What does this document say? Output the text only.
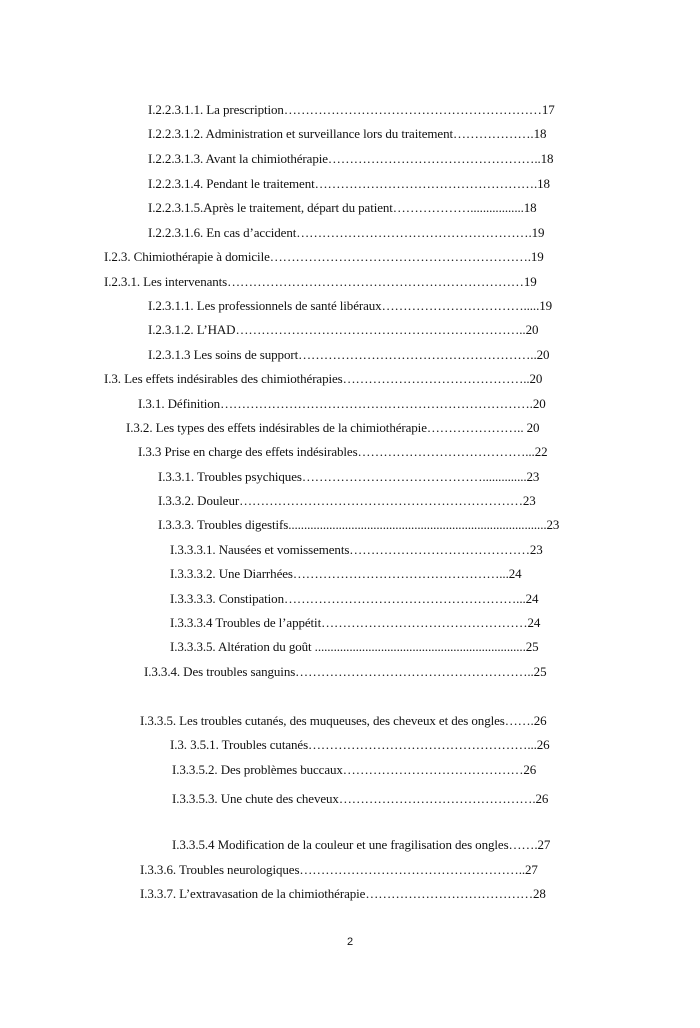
I.2.2.3.1.1. La prescription……………………………………………………17
I.2.2.3.1.2. Administration et surveillance lors du traitement……………….18
I.2.2.3.1.3. Avant la chimiothérapie…………………………………………..18
I.2.2.3.1.4. Pendant le traitement…………………………………………….18
I.2.2.3.1.5.Après le traitement, départ du patient……………….................18
I.2.2.3.1.6. En cas d’accident……………………………………………….19
I.2.3. Chimiothérapie à domicile…………………………………………………….19
I.2.3.1. Les intervenants……………………………………………………………19
I.2.3.1.1. Les professionnels de santé libéraux…………………………….....19
I.2.3.1.2. L’HAD…………………………………………………………..20
I.2.3.1.3 Les soins de support………………………………………………..20
I.3. Les effets indésirables des chimiothérapies……………………………………..20
I.3.1. Définition……………………………………………………………….20
I.3.2. Les types des effets indésirables de la chimiothérapie………………….. 20
I.3.3 Prise en charge des effets indésirables…………………………………...22
I.3.3.1. Troubles psychiques……………………………………..............23
I.3.3.2. Douleur…………………………………………………………23
I.3.3.3. Troubles digestifs..................................................................................23
I.3.3.3.1. Nausées et vomissements……………………………………23
I.3.3.3.2. Une Diarrhées…………………………………………...24
I.3.3.3.3. Constipation………………………………………………...24
I.3.3.3.4 Troubles de l’appétit…………………………………………24
I.3.3.3.5. Altération du goût ...................................................................25
I.3.3.4. Des troubles sanguins………………………………………………..25
I.3.3.5. Les troubles cutanés, des muqueuses, des cheveux et des ongles…….26
I.3. 3.5.1. Troubles cutanés……………………………………………...26
I.3.3.5.2. Des problèmes buccaux……………………………………26
I.3.3.5.3. Une chute des cheveux……………………………………….26
I.3.3.5.4 Modification de la couleur et une fragilisation des ongles…….27
I.3.3.6. Troubles neurologiques……………………………………………..27
I.3.3.7. L’extravasation de la chimiothérapie…………………………………28
2
